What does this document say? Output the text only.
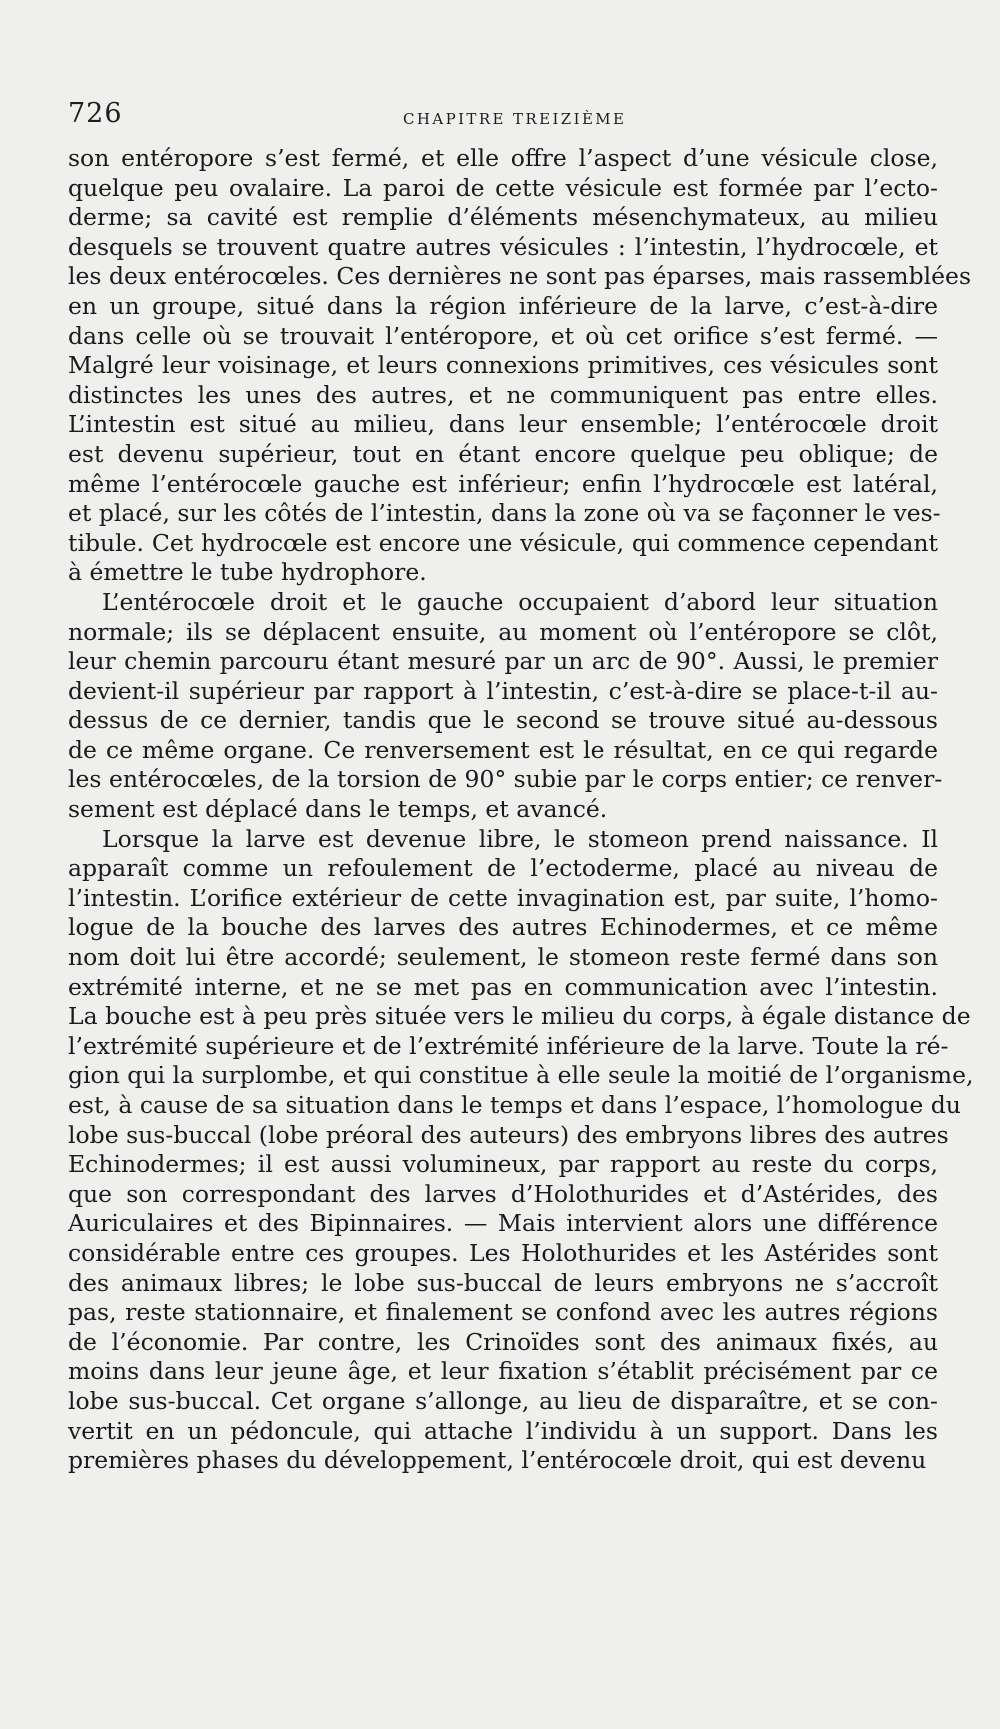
726	CHAPITRE TREIZIÈME
son entéropore s’est fermé, et elle offre l’aspect d’une vésicule close,
quelque peu ovalaire. La paroi de cette vésicule est formée par l’ecto-
derme; sa cavité est remplie d’éléments mésenchymateux, au milieu
desquels se trouvent quatre autres vésicules : l’intestin, l’hydrocœle, et
les deux entérocœles. Ces dernières ne sont pas éparses, mais rassemblées
en un groupe, situé dans la région inférieure de la larve, c’est-à-dire
dans celle où se trouvait l’entéropore, et où cet orifice s’est fermé. —
Malgré leur voisinage, et leurs connexions primitives, ces vésicules sont
distinctes les unes des autres, et ne communiquent pas entre elles.
L’intestin est situé au milieu, dans leur ensemble; l’entérocœle droit
est devenu supérieur, tout en étant encore quelque peu oblique; de
même l’entérocœle gauche est inférieur; enfin l’hydrocœle est latéral,
et placé, sur les côtés de l’intestin, dans la zone où va se façonner le ves-
tibule. Cet hydrocœle est encore une vésicule, qui commence cependant
à émettre le tube hydrophore.
L’entérocœle droit et le gauche occupaient d’abord leur situation
normale; ils se déplacent ensuite, au moment où l’entéropore se clôt,
leur chemin parcouru étant mesuré par un arc de 90°. Aussi, le premier
devient-il supérieur par rapport à l’intestin, c’est-à-dire se place-t-il au-
dessus de ce dernier, tandis que le second se trouve situé au-dessous
de ce même organe. Ce renversement est le résultat, en ce qui regarde
les entérocœles, de la torsion de 90° subie par le corps entier; ce renver-
sement est déplacé dans le temps, et avancé.
Lorsque la larve est devenue libre, le stomeon prend naissance. Il
apparaît comme un refoulement de l’ectoderme, placé au niveau de
l’intestin. L’orifice extérieur de cette invagination est, par suite, l’homo-
logue de la bouche des larves des autres Echinodermes, et ce même
nom doit lui être accordé; seulement, le stomeon reste fermé dans son
extrémité interne, et ne se met pas en communication avec l’intestin.
La bouche est à peu près située vers le milieu du corps, à égale distance de
l’extrémité supérieure et de l’extrémité inférieure de la larve. Toute la ré-
gion qui la surplombe, et qui constitue à elle seule la moitié de l’organisme,
est, à cause de sa situation dans le temps et dans l’espace, l’homologue du
lobe sus-buccal (lobe préoral des auteurs) des embryons libres des autres
Echinodermes; il est aussi volumineux, par rapport au reste du corps,
que son correspondant des larves d’Holothurides et d’Astérides, des
Auriculaires et des Bipinnaires. — Mais intervient alors une différence
considérable entre ces groupes. Les Holothurides et les Astérides sont
des animaux libres; le lobe sus-buccal de leurs embryons ne s’accroît
pas, reste stationnaire, et finalement se confond avec les autres régions
de l’économie. Par contre, les Crinoïdes sont des animaux fixés, au
moins dans leur jeune âge, et leur fixation s’établit précisément par ce
lobe sus-buccal. Cet organe s’allonge, au lieu de disparaître, et se con-
vertit en un pédoncule, qui attache l’individu à un support. Dans les
premières phases du développement, l’entérocœle droit, qui est devenu
